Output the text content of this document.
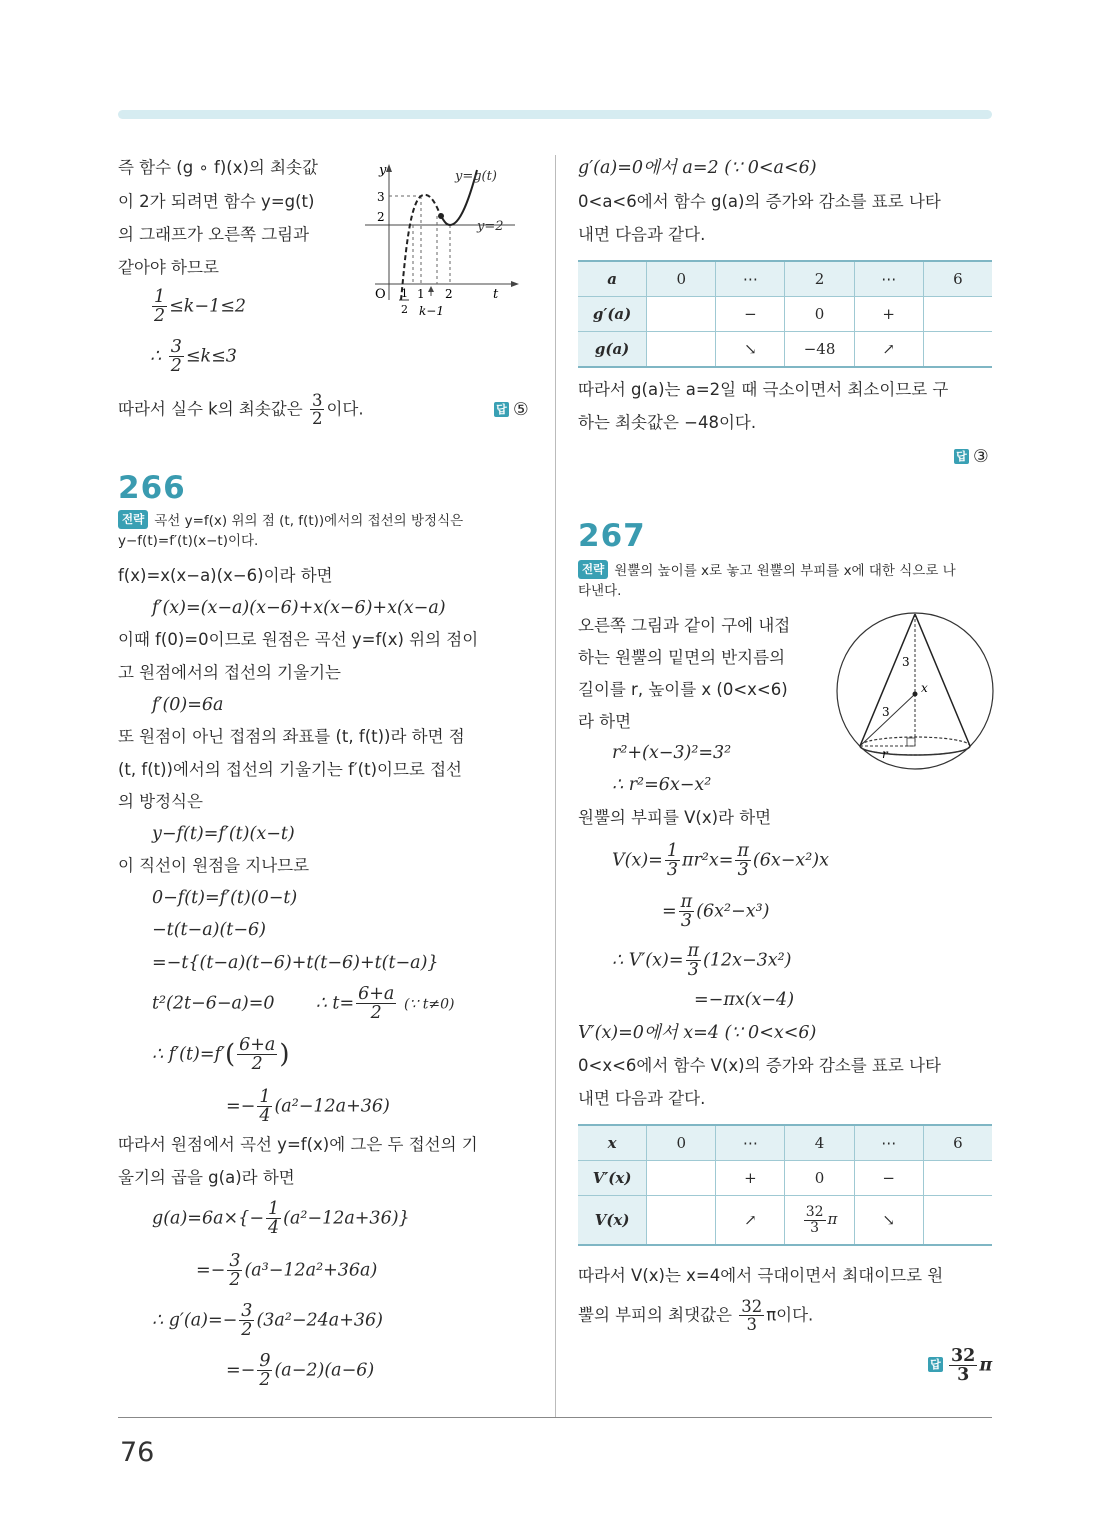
즉 함수 (g ∘ f)(x)의 최솟값
이 2가 되려면 함수 y=g(t)
의 그래프가 오른쪽 그림과
같아야 하므로
y
t
O
y=g(t)
y=2
3
2
1
2
1 2
k−1
$\frac{1}{2} \le k-1\le 2$
∴ $\frac{3}{2} \le k\le 3$
따라서 실수 k의 최솟값은 $\frac{3}{2}$ 이다.	답 ⑤
266
전략 곡선 y=f(x) 위의 점 (t, f(t))에서의 접선의 방정식은
y−f(t)=f′(t)(x−t)이다.
f(x)=x(x−a)(x−6)이라 하면
f′(x)=(x−a)(x−6)+x(x−6)+x(x−a)
이때 f(0)=0이므로 원점은 곡선 y=f(x) 위의 점이
고 원점에서의 접선의 기울기는
f′(0)=6a
또 원점이 아닌 접점의 좌표를 (t, f(t))라 하면 점
(t, f(t))에서의 접선의 기울기는 f′(t)이므로 접선
의 방정식은
y−f(t)=f′(t)(x−t)
이 직선이 원점을 지나므로
0−f(t)=f′(t)(0−t)
−t(t−a)(t−6)
=−t{(t−a)(t−6)+t(t−6)+t(t−a)}
t²(2t−6−a)=0 ∴ $t= \frac{6+a}{2}$ (∵ t≠0)
∴ $f'(t)=f'( \frac{6+a}{2}$ )
=− $\frac{1}{4} (a^2-12a+36)$
따라서 원점에서 곡선 y=f(x)에 그은 두 접선의 기
울기의 곱을 g(a)라 하면
$g(a)=6a\times\{- \frac{1}{4} (a^2-12a+36)\}$
=− $\frac{3}{2} (a^3-12a^2+36a)$
∴ $g'(a)=- \frac{3}{2} (3a^2-24a+36)$
=− $\frac{9}{2} (a-2)(a-6)$
g′(a)=0에서 a=2 (∵ 0<a<6)
0<a<6에서 함수 g(a)의 증가와 감소를 표로 나타
내면 다음과 같다.
a	0	⋯	2	⋯	6
g′(a)		−	0	+	
g(a)		↘	−48	↗	
따라서 g(a)는 a=2일 때 극소이면서 최소이므로 구
하는 최솟값은 −48이다.
답 ③
267
전략 원뿔의 높이를 x로 놓고 원뿔의 부피를 x에 대한 식으로 나
타낸다.
오른쪽 그림과 같이 구에 내접
하는 원뿔의 밑면의 반지름의
길이를 r, 높이를 x (0<x<6)
라 하면
3
3
x
r
r²+(x−3)²=3²
∴ r²=6x−x²
원뿔의 부피를 V(x)라 하면
$V(x)= \frac{1}{3} \pi r^2x= \frac{\pi}{3} (6x-x^2)x$
= $\frac{\pi}{3} (6x^2-x^3)$
∴ $V'(x)= \frac{\pi}{3} (12x-3x^2)$
=−πx(x−4)
V′(x)=0에서 x=4 (∵ 0<x<6)
0<x<6에서 함수 V(x)의 증가와 감소를 표로 나타
내면 다음과 같다.
x	0	⋯	4	⋯	6
V′(x)		+	0	−	
V(x)		↗	$\frac{32}{3}$ π	↘	
따라서 V(x)는 x=4에서 극대이면서 최대이므로 원
뿔의 부피의 최댓값은 $\frac{32}{3}$ π이다.
답 $\frac{32}{3}$ π
76
